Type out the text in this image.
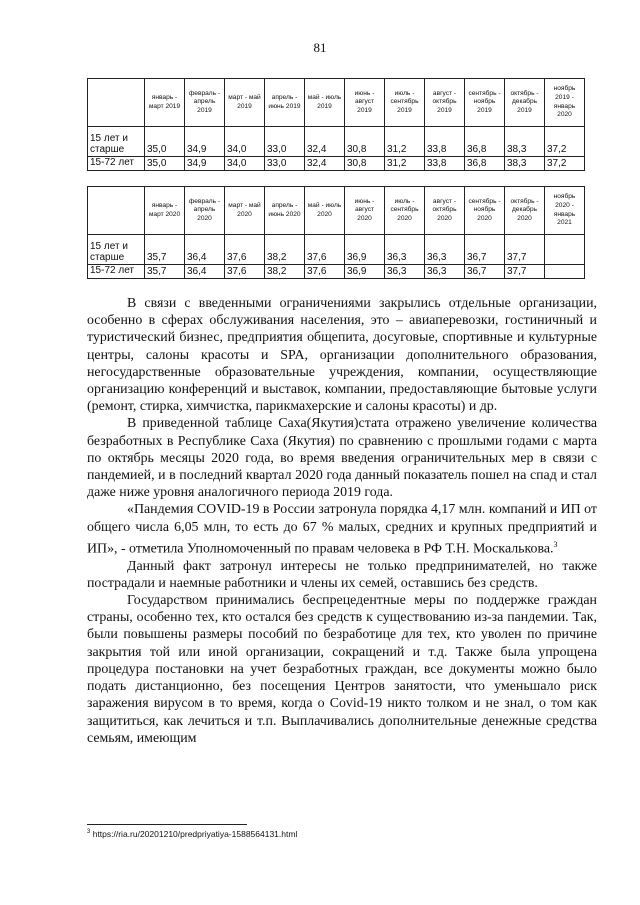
81
	январь - март 2019	февраль - апрель 2019	март - май 2019	апрель - июнь 2019	май - июль 2019	июнь - август 2019	июль - сентябрь 2019	август - октябрь 2019	сентябрь - ноябрь 2019	октябрь - декабрь 2019	ноябрь 2019 - январь 2020
15 лет и старше	35,0	34,9	34,0	33,0	32,4	30,8	31,2	33,8	36,8	38,3	37,2
15-72 лет	35,0	34,9	34,0	33,0	32,4	30,8	31,2	33,8	36,8	38,3	37,2
	январь - март 2020	февраль - апрель 2020	март - май 2020	апрель - июнь 2020	май - июль 2020	июнь - август 2020	июль - сентябрь 2020	август - октябрь 2020	сентябрь - ноябрь 2020	октябрь - декабрь 2020	ноябрь 2020 - январь 2021
15 лет и старше	35,7	36,4	37,6	38,2	37,6	36,9	36,3	36,3	36,7	37,7	
15-72 лет	35,7	36,4	37,6	38,2	37,6	36,9	36,3	36,3	36,7	37,7	

В связи с введенными ограничениями закрылись отдельные организации, особенно в сферах обслуживания населения, это – авиаперевозки, гостиничный и туристический бизнес, предприятия общепита, досуговые, спортивные и культурные центры, салоны красоты и SPA, организации дополнительного образования, негосударственные образовательные учреждения, компании, осуществляющие организацию конференций и выставок, компании, предоставляющие бытовые услуги (ремонт, стирка, химчистка, парикмахерские и салоны красоты) и др.

В приведенной таблице Саха(Якутия)стата отражено увеличение количества безработных в Республике Саха (Якутия) по сравнению с прошлыми годами с марта по октябрь месяцы 2020 года, во время введения ограничительных мер в связи с пандемией, и в последний квартал 2020 года данный показатель пошел на спад и стал даже ниже уровня аналогичного периода 2019 года.

«Пандемия COVID-19 в России затронула порядка 4,17 млн. компаний и ИП от общего числа 6,05 млн, то есть до 67 % малых, средних и крупных предприятий и ИП», - отметила Уполномоченный по правам человека в РФ Т.Н. Москалькова.$^3$

Данный факт затронул интересы не только предпринимателей, но также пострадали и наемные работники и члены их семей, оставшись без средств.

Государством принимались беспрецедентные меры по поддержке граждан страны, особенно тех, кто остался без средств к существованию из-за пандемии. Так, были повышены размеры пособий по безработице для тех, кто уволен по причине закрытия той или иной организации, сокращений и т.д. Также была упрощена процедура постановки на учет безработных граждан, все документы можно было подать дистанционно, без посещения Центров занятости, что уменьшало риск заражения вирусом в то время, когда о Covid-19 никто толком и не знал, о том как защититься, как лечиться и т.п. Выплачивались дополнительные денежные средства семьям, имеющим

$^3$ https://ria.ru/20201210/predpriyatiya-1588564131.html
